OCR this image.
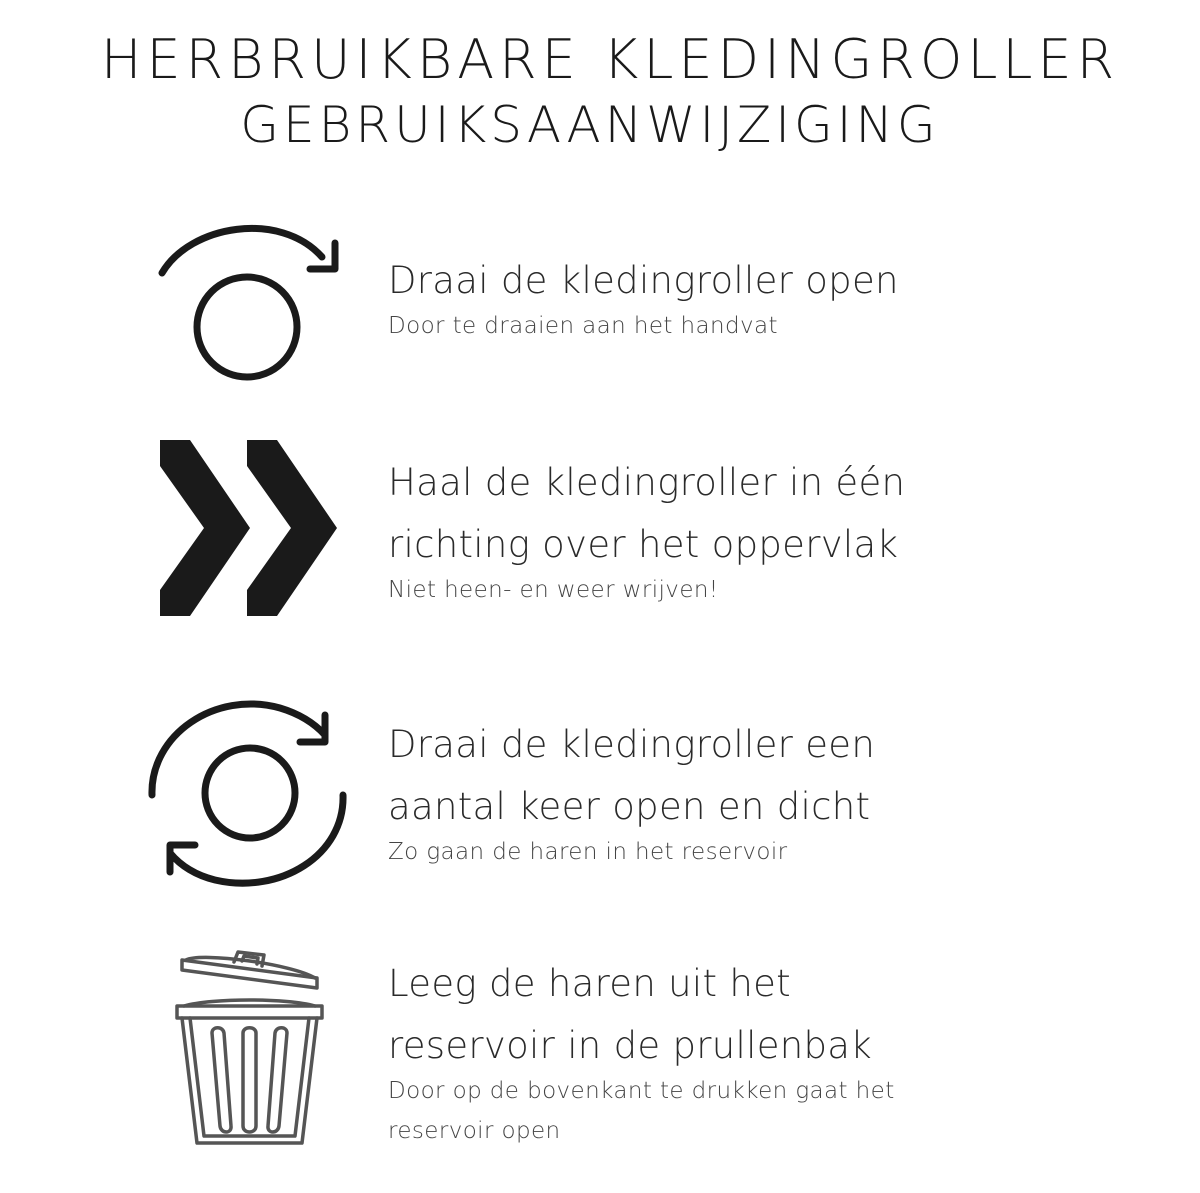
HERBRUIKBARE KLEDINGROLLER
GEBRUIKSAANWIJZIGING
Draai de kledingroller open
Door te draaien aan het handvat
Haal de kledingroller in één
richting over het oppervlak
Niet heen- en weer wrijven!
Draai de kledingroller een
aantal keer open en dicht
Zo gaan de haren in het reservoir
Leeg de haren uit het
reservoir in de prullenbak
Door op de bovenkant te drukken gaat het
reservoir open
